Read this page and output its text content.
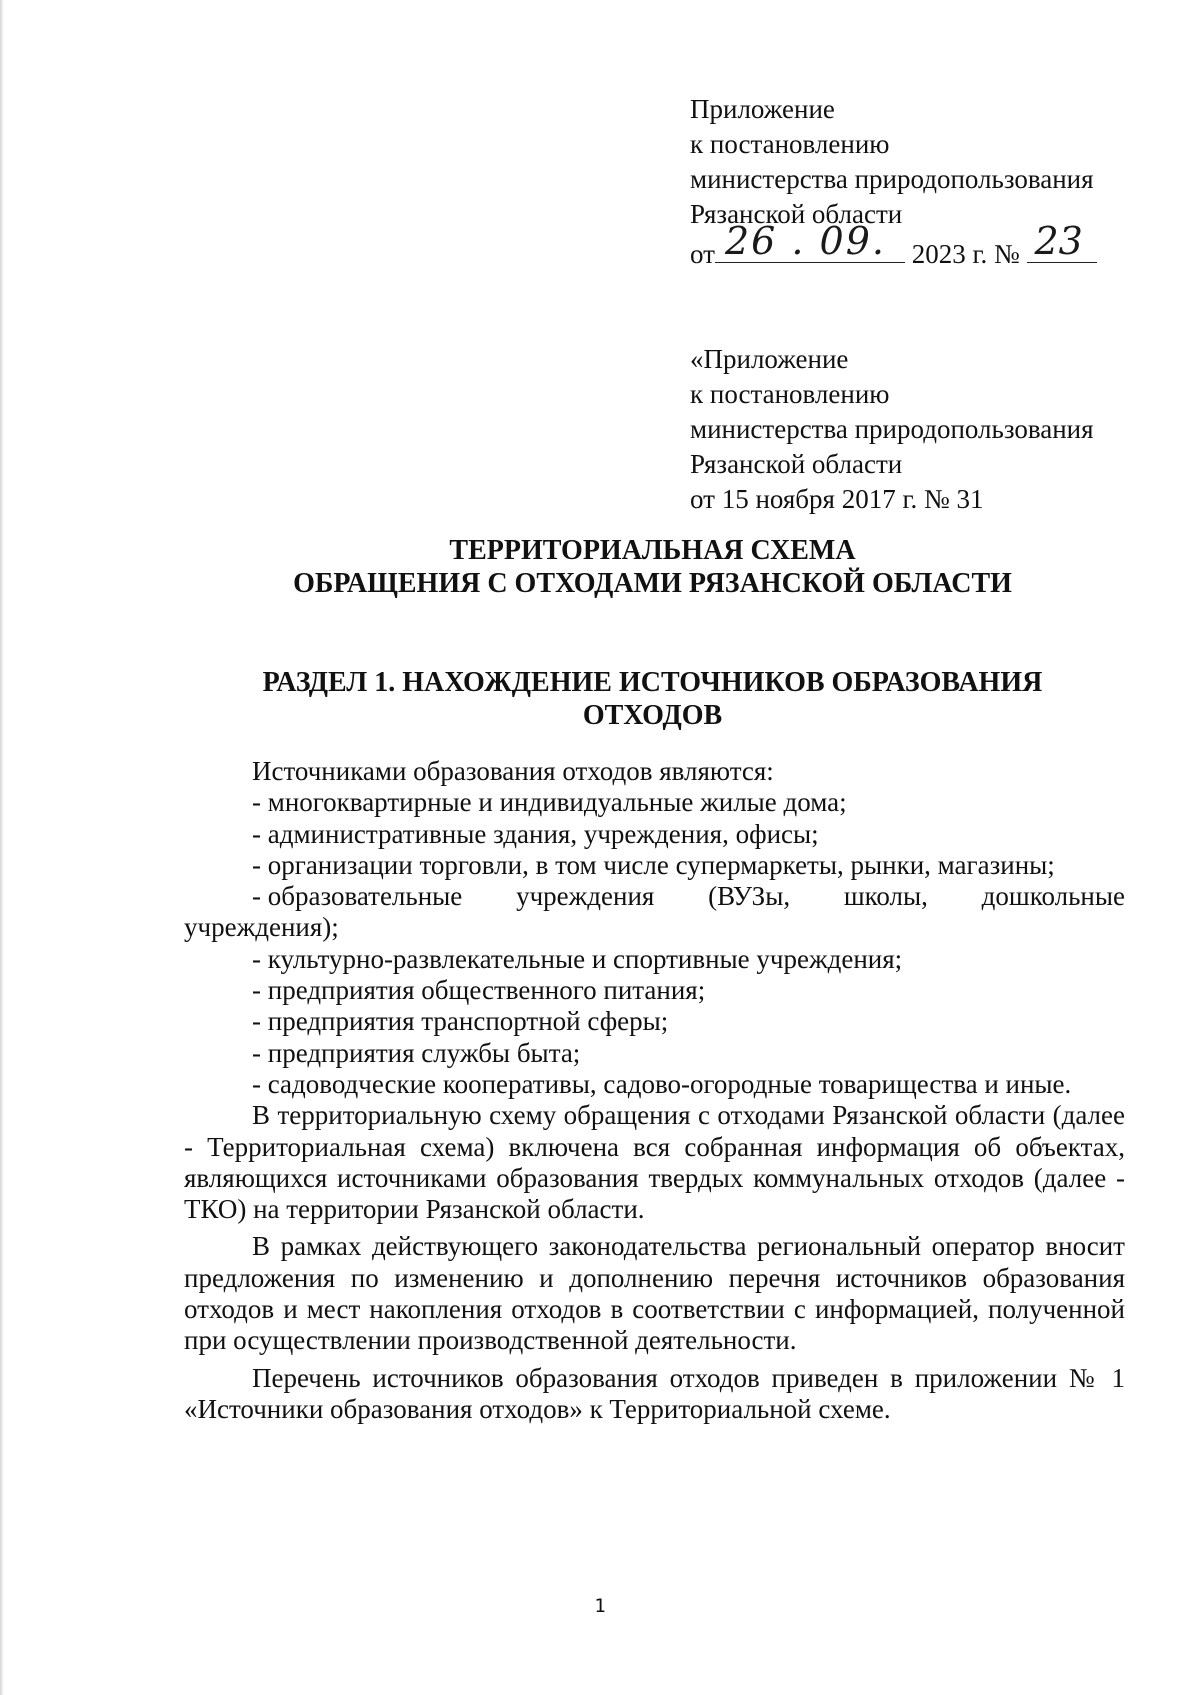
Приложение
к постановлению
министерства природопользования
Рязанской области
от 26 . 09. 2023 г. № 23
«Приложение
к постановлению
министерства природопользования
Рязанской области
от 15 ноября 2017 г. № 31
ТЕРРИТОРИАЛЬНАЯ СХЕМА
ОБРАЩЕНИЯ С ОТХОДАМИ РЯЗАНСКОЙ ОБЛАСТИ
РАЗДЕЛ 1. НАХОЖДЕНИЕ ИСТОЧНИКОВ ОБРАЗОВАНИЯ
ОТХОДОВ
Источниками образования отходов являются:
- многоквартирные и индивидуальные жилые дома;
- административные здания, учреждения, офисы;
- организации торговли, в том числе супермаркеты, рынки, магазины;
- образовательные учреждения (ВУЗы, школы, дошкольные
учреждения);
- культурно-развлекательные и спортивные учреждения;
- предприятия общественного питания;
- предприятия транспортной сферы;
- предприятия службы быта;
- садоводческие кооперативы, садово-огородные товарищества и иные.
В территориальную схему обращения с отходами Рязанской области (далее - Территориальная схема) включена вся собранная информация об объектах, являющихся источниками образования твердых коммунальных отходов (далее - ТКО) на территории Рязанской области.
В рамках действующего законодательства региональный оператор вносит предложения по изменению и дополнению перечня источников образования отходов и мест накопления отходов в соответствии с информацией, полученной при осуществлении производственной деятельности.
Перечень источников образования отходов приведен в приложении № 1 «Источники образования отходов» к Территориальной схеме.
1
